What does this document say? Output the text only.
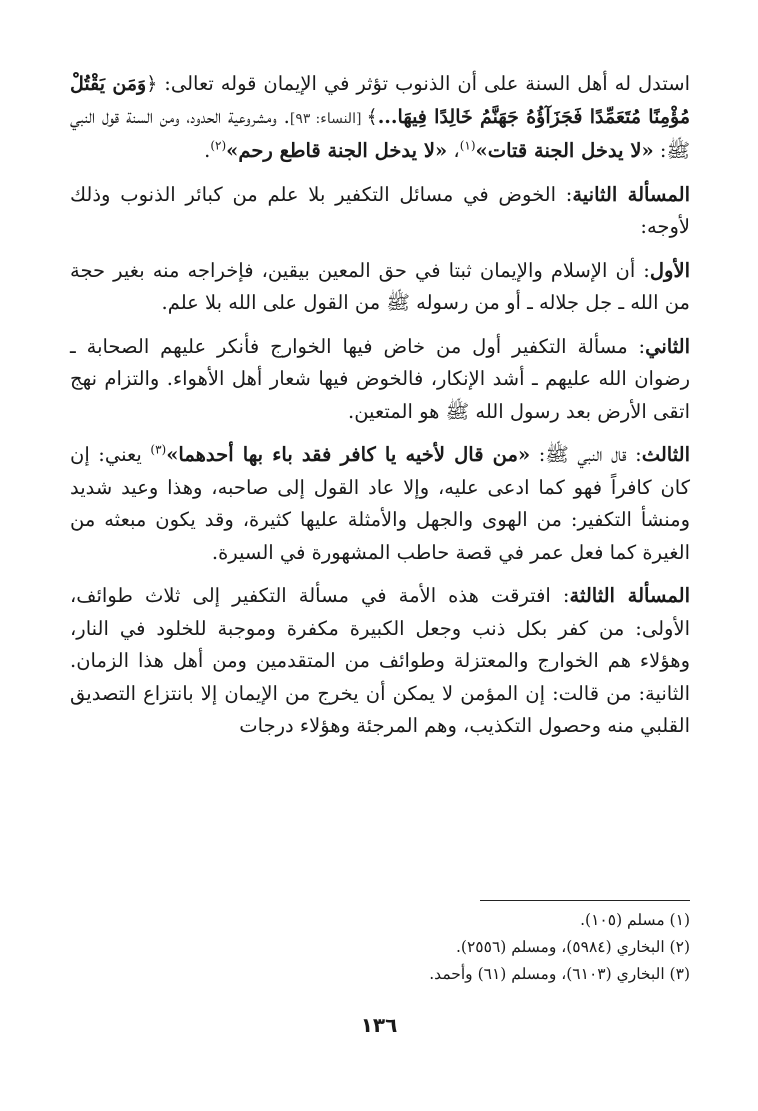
استدل له أهل السنة على أن الذنوب تؤثر في الإيمان قوله تعالى: ﴿وَمَن يَقْتُلْ مُؤْمِنًا مُتَعَمِّدًا فَجَزَآؤُهُ جَهَنَّمُ خَالِدًا فِيهَا...﴾ [النساء: ٩٣]. ومشروعية الحدود، ومن السنة قول النبي ﷺ: «لا يدخل الجنة قتات»$^{(١)}$، «لا يدخل الجنة قاطع رحم»$^{(٢)}$.

المسألة الثانية: الخوض في مسائل التكفير بلا علم من كبائر الذنوب وذلك لأوجه:

الأول: أن الإسلام والإيمان ثبتا في حق المعين بيقين، فإخراجه منه بغير حجة من الله ـ جل جلاله ـ أو من رسوله ﷺ من القول على الله بلا علم.

الثاني: مسألة التكفير أول من خاض فيها الخوارج فأنكر عليهم الصحابة ـ رضوان الله عليهم ـ أشد الإنكار، فالخوض فيها شعار أهل الأهواء. والتزام نهج اتقى الأرض بعد رسول الله ﷺ هو المتعين.

الثالث: قال النبي ﷺ: «من قال لأخيه يا كافر فقد باء بها أحدهما»$^{(٣)}$ يعني: إن كان كافراً فهو كما ادعى عليه، وإلا عاد القول إلى صاحبه، وهذا وعيد شديد ومنشأ التكفير: من الهوى والجهل والأمثلة عليها كثيرة، وقد يكون مبعثه من الغيرة كما فعل عمر في قصة حاطب المشهورة في السيرة.

المسألة الثالثة: افترقت هذه الأمة في مسألة التكفير إلى ثلاث طوائف، الأولى: من كفر بكل ذنب وجعل الكبيرة مكفرة وموجبة للخلود في النار، وهؤلاء هم الخوارج والمعتزلة وطوائف من المتقدمين ومن أهل هذا الزمان. الثانية: من قالت: إن المؤمن لا يمكن أن يخرج من الإيمان إلا بانتزاع التصديق القلبي منه وحصول التكذيب، وهم المرجئة وهؤلاء درجات

(١) مسلم (١٠٥).

(٢) البخاري (٥٩٨٤)، ومسلم (٢٥٥٦).

(٣) البخاري (٦١٠٣)، ومسلم (٦١) وأحمد.

١٣٦
